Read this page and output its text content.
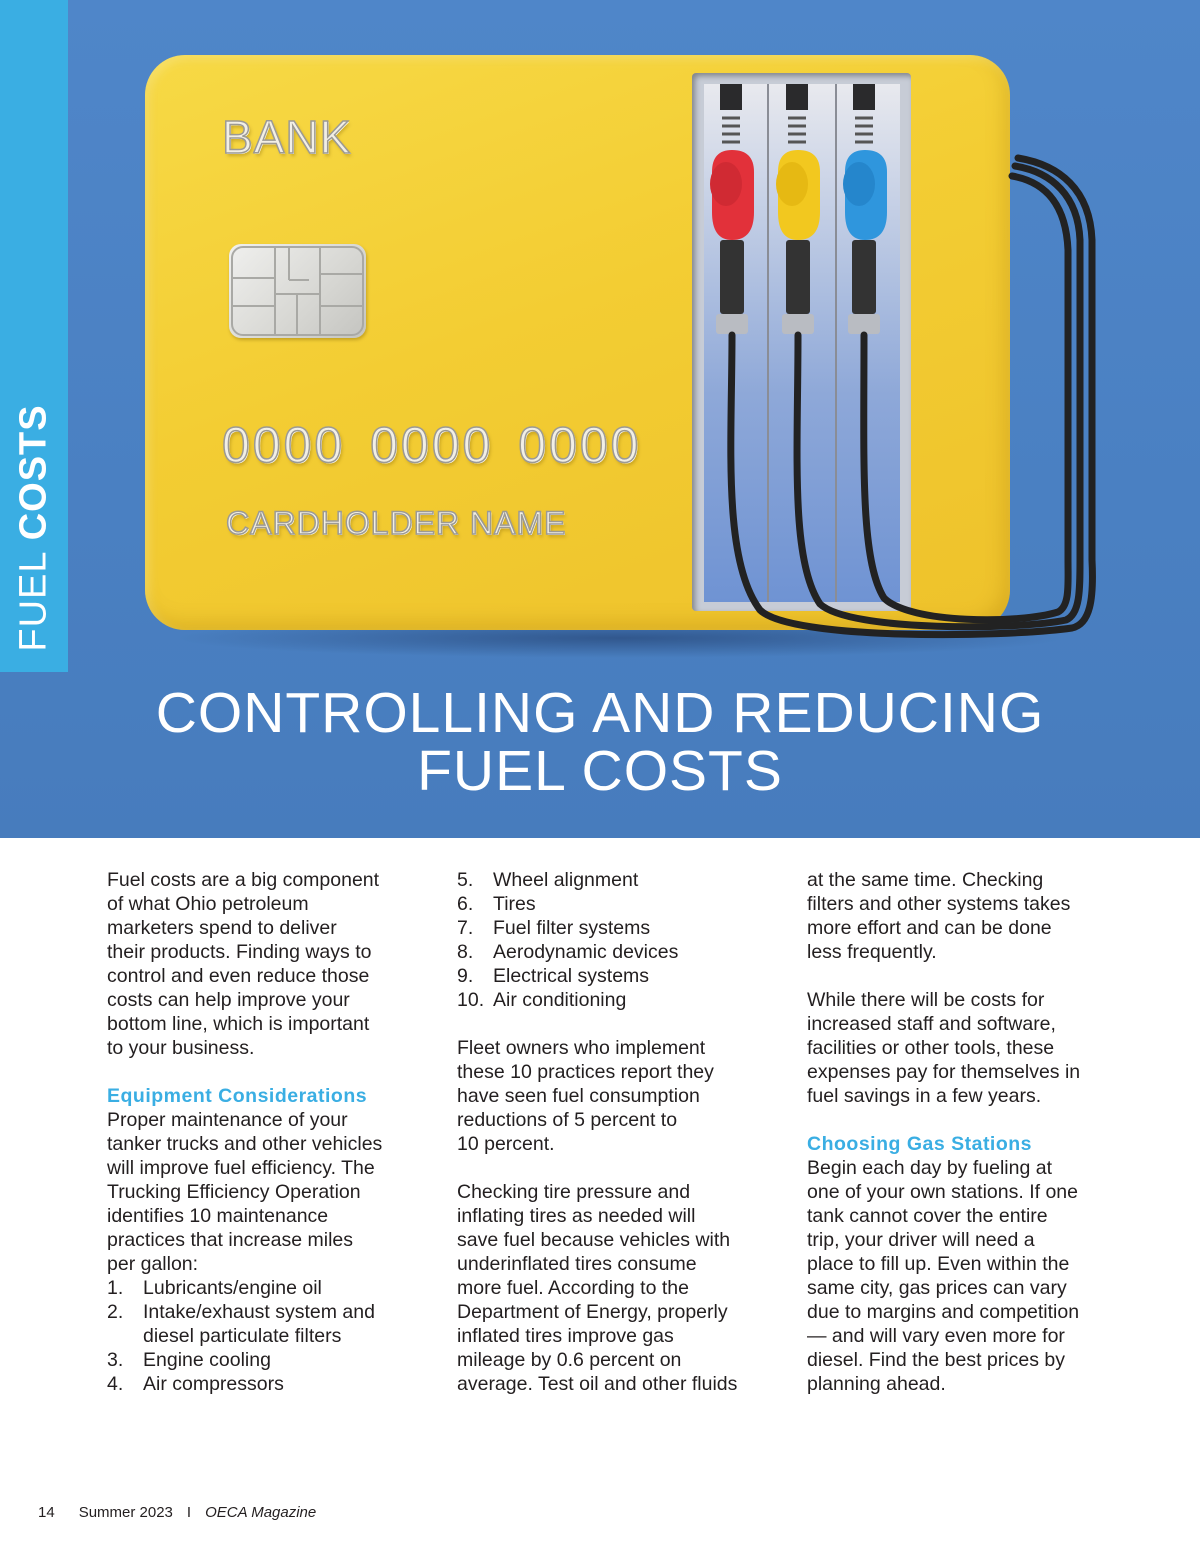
BANK
0000 0000 0000
CARDHOLDER NAME
CONTROLLING AND REDUCING
FUEL COSTS
FUEL COSTS

Fuel costs are a big component

of what Ohio petroleum

marketers spend to deliver

their products. Finding ways to

control and even reduce those

costs can help improve your

bottom line, which is important

to your business.

Equipment Considerations

Proper maintenance of your

tanker trucks and other vehicles

will improve fuel efficiency. The

Trucking Efficiency Operation

identifies 10 maintenance

practices that increase miles

per gallon:

1.	Lubricants/engine oil
2.	Intake/exhaust system and
diesel particulate filters
3.	Engine cooling
4.	Air compressors
5.	Wheel alignment
6.	Tires
7.	Fuel filter systems
8.	Aerodynamic devices
9.	Electrical systems
10. Air conditioning

Fleet owners who implement

these 10 practices report they

have seen fuel consumption

reductions of 5 percent to

10 percent.

Checking tire pressure and

inflating tires as needed will

save fuel because vehicles with

underinflated tires consume

more fuel. According to the

Department of Energy, properly

inflated tires improve gas

mileage by 0.6 percent on

average. Test oil and other fluids

at the same time. Checking

filters and other systems takes

more effort and can be done

less frequently.

While there will be costs for

increased staff and software,

facilities or other tools, these

expenses pay for themselves in

fuel savings in a few years.

Choosing Gas Stations

Begin each day by fueling at

one of your own stations. If one

tank cannot cover the entire

trip, your driver will need a

place to fill up. Even within the

same city, gas prices can vary

due to margins and competition

— and will vary even more for

diesel. Find the best prices by

planning ahead.

14 Summer 2023 I OECA Magazine
